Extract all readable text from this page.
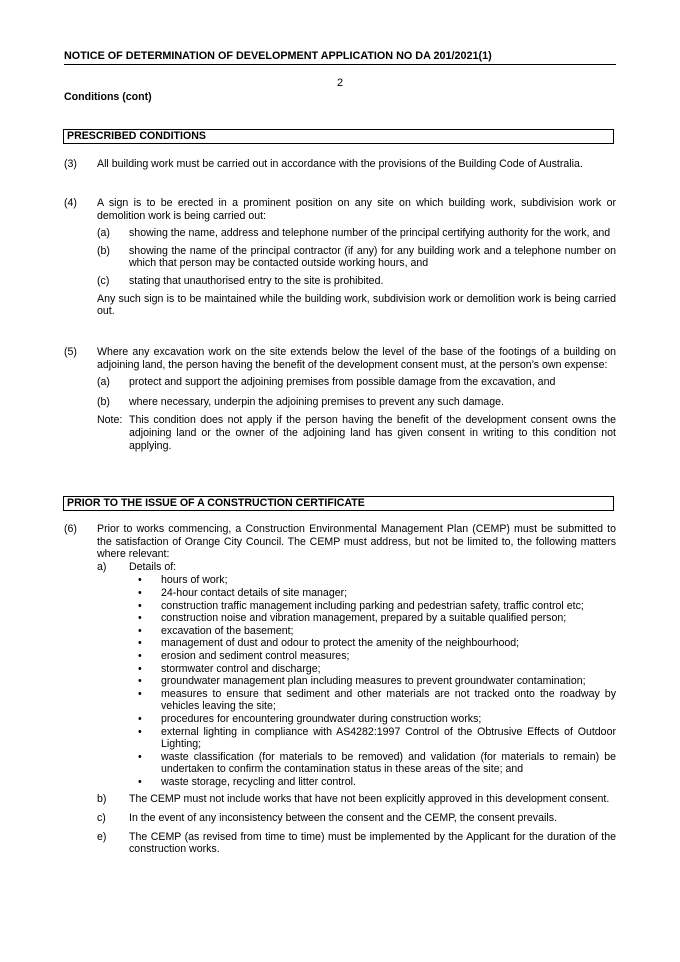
NOTICE OF DETERMINATION OF DEVELOPMENT APPLICATION NO DA 201/2021(1)
2
Conditions (cont)
PRESCRIBED CONDITIONS
(3) All building work must be carried out in accordance with the provisions of the Building Code of Australia.
(4) A sign is to be erected in a prominent position on any site on which building work, subdivision work or demolition work is being carried out:
(a) showing the name, address and telephone number of the principal certifying authority for the work, and
(b) showing the name of the principal contractor (if any) for any building work and a telephone number on which that person may be contacted outside working hours, and
(c) stating that unauthorised entry to the site is prohibited.
Any such sign is to be maintained while the building work, subdivision work or demolition work is being carried out.
(5) Where any excavation work on the site extends below the level of the base of the footings of a building on adjoining land, the person having the benefit of the development consent must, at the person’s own expense:
(a) protect and support the adjoining premises from possible damage from the excavation, and
(b) where necessary, underpin the adjoining premises to prevent any such damage.
Note: This condition does not apply if the person having the benefit of the development consent owns the adjoining land or the owner of the adjoining land has given consent in writing to this condition not applying.
PRIOR TO THE ISSUE OF A CONSTRUCTION CERTIFICATE
(6) Prior to works commencing, a Construction Environmental Management Plan (CEMP) must be submitted to the satisfaction of Orange City Council. The CEMP must address, but not be limited to, the following matters where relevant:
a) Details of:
• hours of work;
• 24-hour contact details of site manager;
• construction traffic management including parking and pedestrian safety, traffic control etc;
• construction noise and vibration management, prepared by a suitable qualified person;
• excavation of the basement;
• management of dust and odour to protect the amenity of the neighbourhood;
• erosion and sediment control measures;
• stormwater control and discharge;
• groundwater management plan including measures to prevent groundwater contamination;
• measures to ensure that sediment and other materials are not tracked onto the roadway by vehicles leaving the site;
• procedures for encountering groundwater during construction works;
• external lighting in compliance with AS4282:1997 Control of the Obtrusive Effects of Outdoor Lighting;
• waste classification (for materials to be removed) and validation (for materials to remain) be undertaken to confirm the contamination status in these areas of the site; and
• waste storage, recycling and litter control.
b) The CEMP must not include works that have not been explicitly approved in this development consent.
c) In the event of any inconsistency between the consent and the CEMP, the consent prevails.
e) The CEMP (as revised from time to time) must be implemented by the Applicant for the duration of the construction works.
